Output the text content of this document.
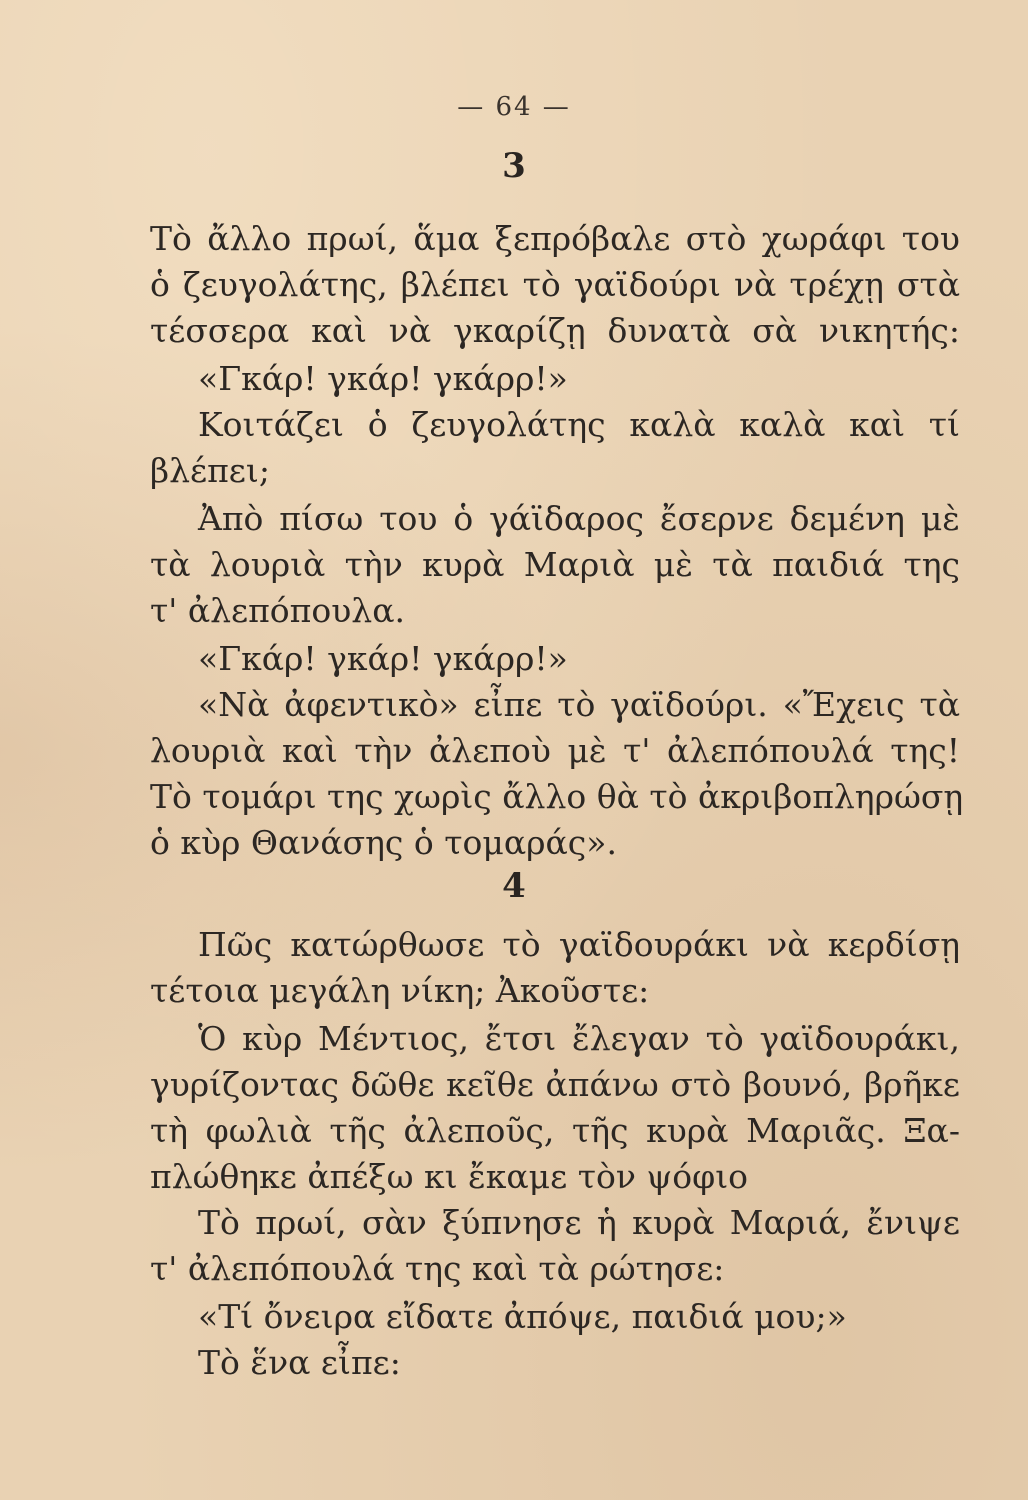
— 64 —
3
Τὸ ἄλλο πρωί, ἅμα ξεπρόβαλε στὸ χωράφι του
ὁ ζευγολάτης, βλέπει τὸ γαϊδούρι νὰ τρέχῃ στὰ
τέσσερα καὶ νὰ γκαρίζῃ δυνατὰ σὰ νικητής:
«Γκάρ! γκάρ! γκάρρ!»
Κοιτάζει ὁ ζευγολάτης καλὰ καλὰ καὶ τί
βλέπει;
Ἀπὸ πίσω του ὁ γάϊδαρος ἔσερνε δεμένη μὲ
τὰ λουριὰ τὴν κυρὰ Μαριὰ μὲ τὰ παιδιά της
τ' ἀλεπόπουλα.
«Γκάρ! γκάρ! γκάρρ!»
«Νὰ ἀφεντικὸ» εἶπε τὸ γαϊδούρι. «Ἔχεις τὰ
λουριὰ καὶ τὴν ἀλεποὺ μὲ τ' ἀλεπόπουλά της!
Τὸ τομάρι της χωρὶς ἄλλο θὰ τὸ ἀκριβοπληρώσῃ
ὁ κὺρ Θανάσης ὁ τομαράς».
4
Πῶς κατώρθωσε τὸ γαϊδουράκι νὰ κερδίσῃ
τέτοια μεγάλη νίκη; Ἀκοῦστε:
Ὁ κὺρ Μέντιος, ἔτσι ἔλεγαν τὸ γαϊδουράκι,
γυρίζοντας δῶθε κεῖθε ἀπάνω στὸ βουνό, βρῆκε
τὴ φωλιὰ τῆς ἀλεποῦς, τῆς κυρὰ Μαριᾶς. Ξα-
πλώθηκε ἀπέξω κι ἔκαμε τὸν ψόφιο
Τὸ πρωί, σὰν ξύπνησε ἡ κυρὰ Μαριά, ἔνιψε
τ' ἀλεπόπουλά της καὶ τὰ ρώτησε:
«Τί ὄνειρα εἴδατε ἀπόψε, παιδιά μου;»
Τὸ ἕνα εἶπε:
